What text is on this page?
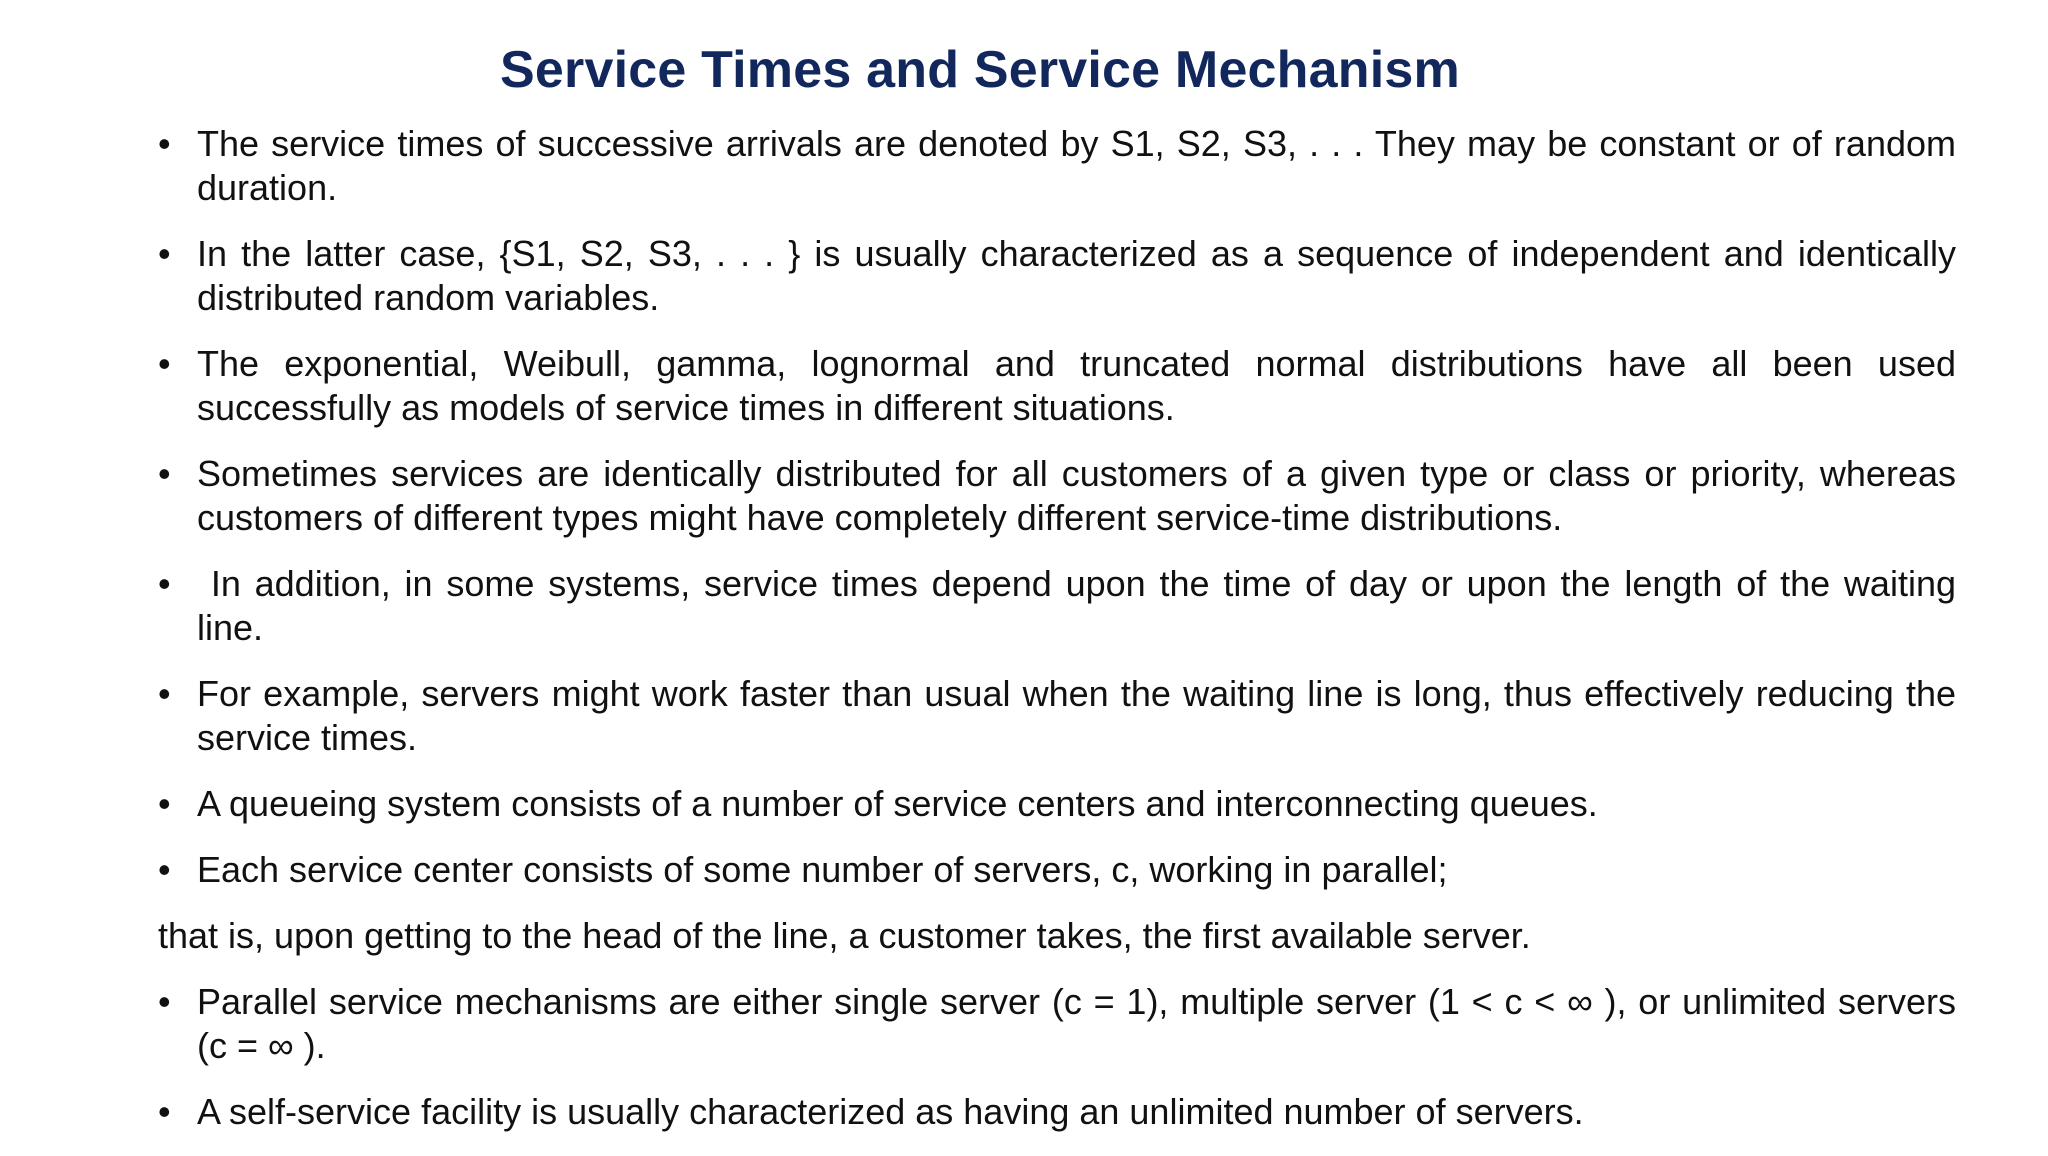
Service Times and Service Mechanism
• The service times of successive arrivals are denoted by S1, S2, S3, . . . They may be constant or of random duration.
• In the latter case, {S1, S2, S3, . . . } is usually characterized as a sequence of independent and identically distributed random variables.
• The exponential, Weibull, gamma, lognormal and truncated normal distributions have all been used successfully as models of service times in different situations.
• Sometimes services are identically distributed for all customers of a given type or class or priority, whereas customers of different types might have completely different service-time distributions.
• In addition, in some systems, service times depend upon the time of day or upon the length of the waiting line.
• For example, servers might work faster than usual when the waiting line is long, thus effectively reducing the service times.
• A queueing system consists of a number of service centers and interconnecting queues.
• Each service center consists of some number of servers, c, working in parallel;

that is, upon getting to the head of the line, a customer takes, the first available server.

• Parallel service mechanisms are either single server (c = 1), multiple server (1 < c < ∞ ), or unlimited servers (c = ∞ ).
• A self-service facility is usually characterized as having an unlimited number of servers.
